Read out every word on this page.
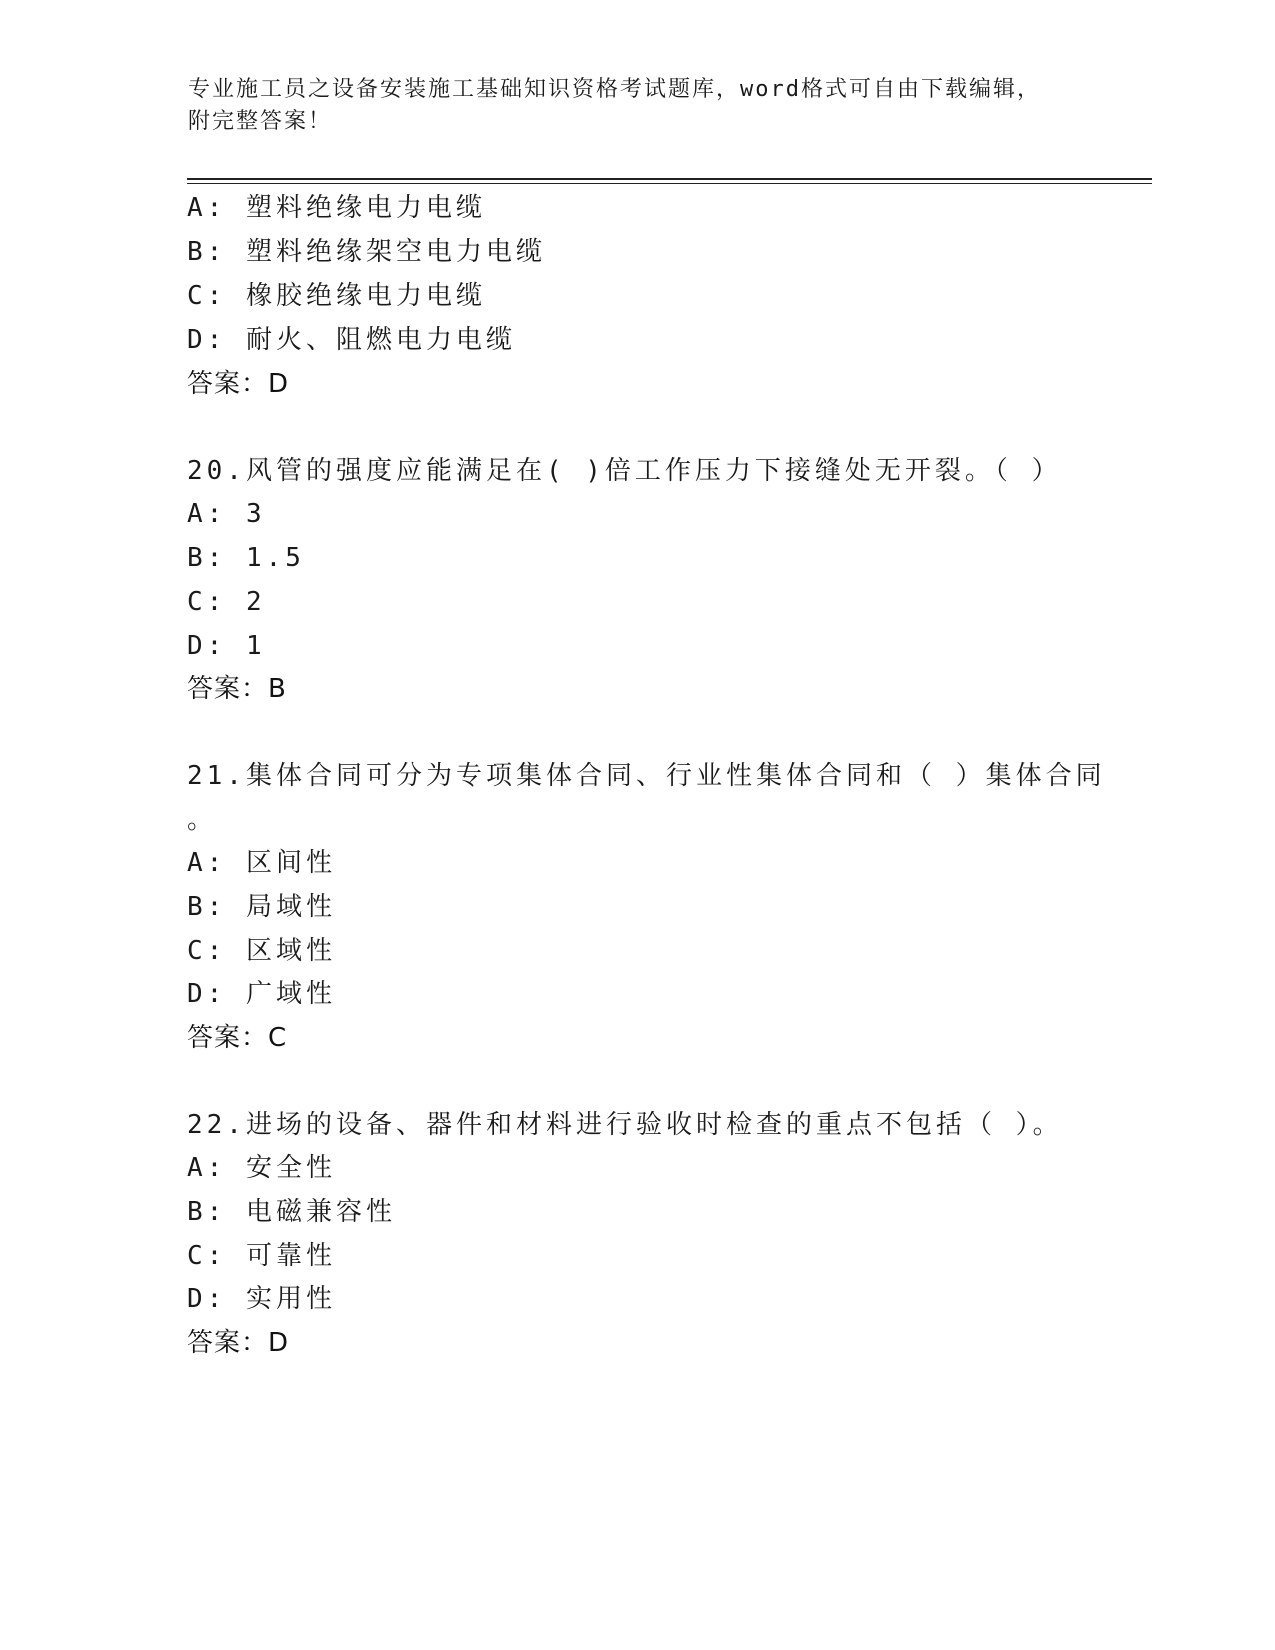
专业施工员之设备安装施工基础知识资格考试题库，word格式可自由下载编辑，
附完整答案！
A: 塑料绝缘电力电缆
B: 塑料绝缘架空电力电缆
C: 橡胶绝缘电力电缆
D: 耐火、阻燃电力电缆
答案：D
20.风管的强度应能满足在( )倍工作压力下接缝处无开裂。（ ）
A: 3
B: 1.5
C: 2
D: 1
答案：B
21.集体合同可分为专项集体合同、行业性集体合同和（ ）集体合同
。
A: 区间性
B: 局域性
C: 区域性
D: 广域性
答案：C
22.进场的设备、器件和材料进行验收时检查的重点不包括（ ）。
A: 安全性
B: 电磁兼容性
C: 可靠性
D: 实用性
答案：D
